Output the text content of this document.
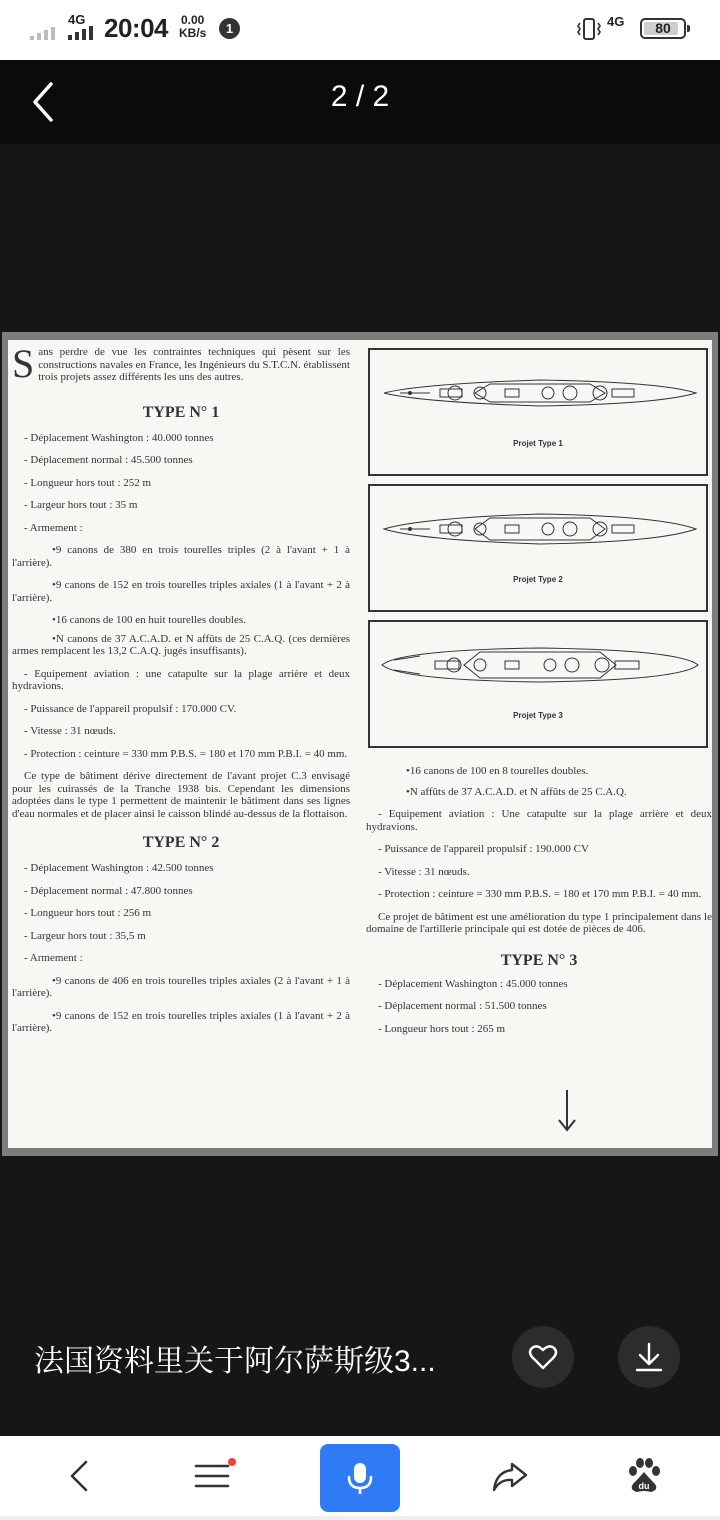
4G 20:04 0.00
KB/s	1	4G	80
2 / 2
S ans perdre de vue les contraintes techniques qui pèsent sur les constructions navales en France, les Ingénieurs du S.T.C.N. établissent trois projets assez différents les uns des autres.
TYPE N° 1
- Déplacement Washington : 40.000 tonnes
- Déplacement normal : 45.500 tonnes
- Longueur hors tout : 252 m
- Largeur hors tout : 35 m
- Armement :
•9 canons de 380 en trois tourelles triples (2 à l'avant + 1 à l'arrière).
•9 canons de 152 en trois tourelles triples axiales (1 à l'avant + 2 à l'arrière).
•16 canons de 100 en huit tourelles doubles.
•N canons de 37 A.C.A.D. et N affûts de 25 C.A.Q. (ces dernières armes remplacent les 13,2 C.A.Q. jugés insuffisants).
- Equipement aviation : une catapulte sur la plage arrière et deux hydravions.
- Puissance de l'appareil propulsif : 170.000 CV.
- Vitesse : 31 nœuds.
- Protection : ceinture = 330 mm P.B.S. = 180 et 170 mm P.B.I. = 40 mm.
Ce type de bâtiment dérive directement de l'avant projet C.3 envisagé pour les cuirassés de la Tranche 1938 bis. Cependant les dimensions adoptées dans le type 1 permettent de maintenir le bâtiment dans ses lignes d'eau normales et de placer ainsi le caisson blindé au-dessus de la flottaison.
TYPE N° 2
- Déplacement Washington : 42.500 tonnes
- Déplacement normal : 47.800 tonnes
- Longueur hors tout : 256 m
- Largeur hors tout : 35,5 m
- Armement :
•9 canons de 406 en trois tourelles triples axiales (2 à l'avant + 1 à l'arrière).
•9 canons de 152 en trois tourelles triples axiales (1 à l'avant + 2 à l'arrière).
Projet Type 1
Projet Type 2
Projet Type 3
•16 canons de 100 en 8 tourelles doubles.
•N affûts de 37 A.C.A.D. et N affûts de 25 C.A.Q.
- Equipement aviation : Une catapulte sur la plage arrière et deux hydravions.
- Puissance de l'appareil propulsif : 190.000 CV
- Vitesse : 31 nœuds.
- Protection : ceinture = 330 mm P.B.S. = 180 et 170 mm P.B.I. = 40 mm.
Ce projet de bâtiment est une amélioration du type 1 principalement dans le domaine de l'artillerie principale qui est dotée de pièces de 406.
TYPE N° 3
- Déplacement Washington : 45.000 tonnes
- Déplacement normal : 51.500 tonnes
- Longueur hors tout : 265 m
法国资料里关于阿尔萨斯级3...
du
